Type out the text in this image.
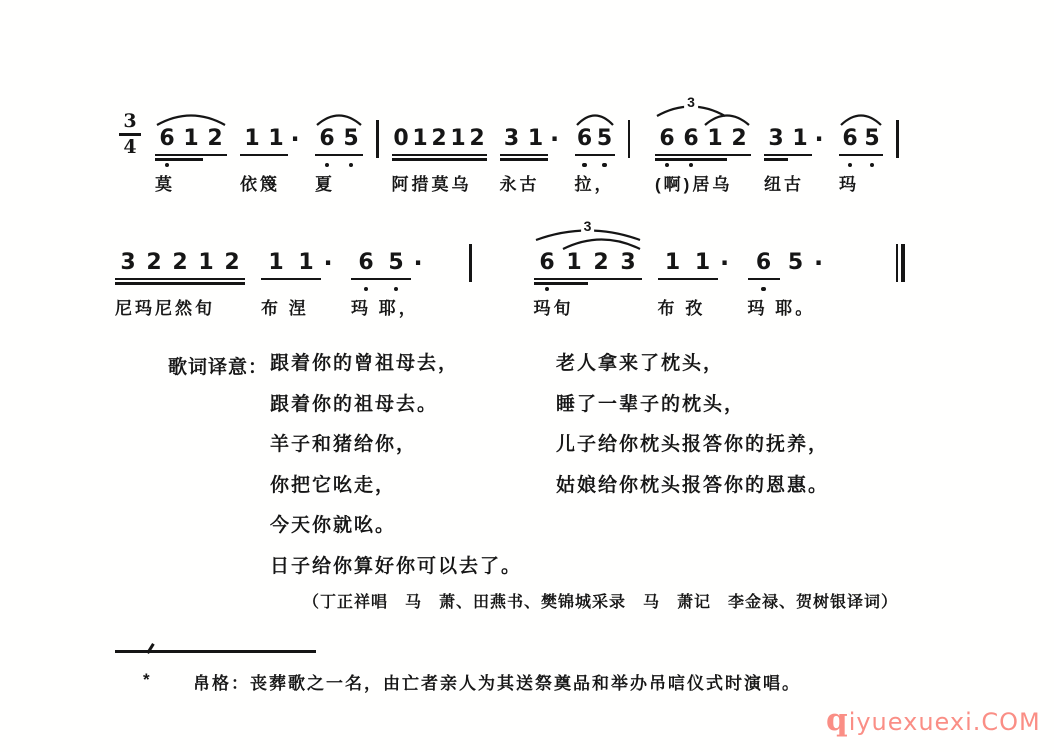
3
4 6 1 2 1 1 · 6 5
莫	依篾 夏
0 1 2 1 2 3 1 · 6 5
阿措莫乌 永古 拉，
6 6 1 2 3 1 · 6 5
3
(啊)居乌 纽古 玛
3 2 2 1 2	1 1 ·	6 5 ·
尼玛尼然旬	布 涅 玛 耶，
6 1 2 3	1 1 ·	6 5 ·
3
玛旬	布 孜 玛 耶。
歌词译意： 跟着你的曾祖母去，
跟着你的祖母去。
羊子和猪给你，
你把它吆走，
今天你就吆。
日子给你算好你可以去了。
老人拿来了枕头，
睡了一辈子的枕头，
儿子给你枕头报答你的抚养，
姑娘给你枕头报答你的恩惠。
（丁正祥唱　马　萧、田燕书、樊锦城采录　马　萧记　李金禄、贺树银译词）
*	帛格：丧葬歌之一名，由亡者亲人为其送祭奠品和举办吊唁仪式时演唱。
qiyuexuexi.COM
